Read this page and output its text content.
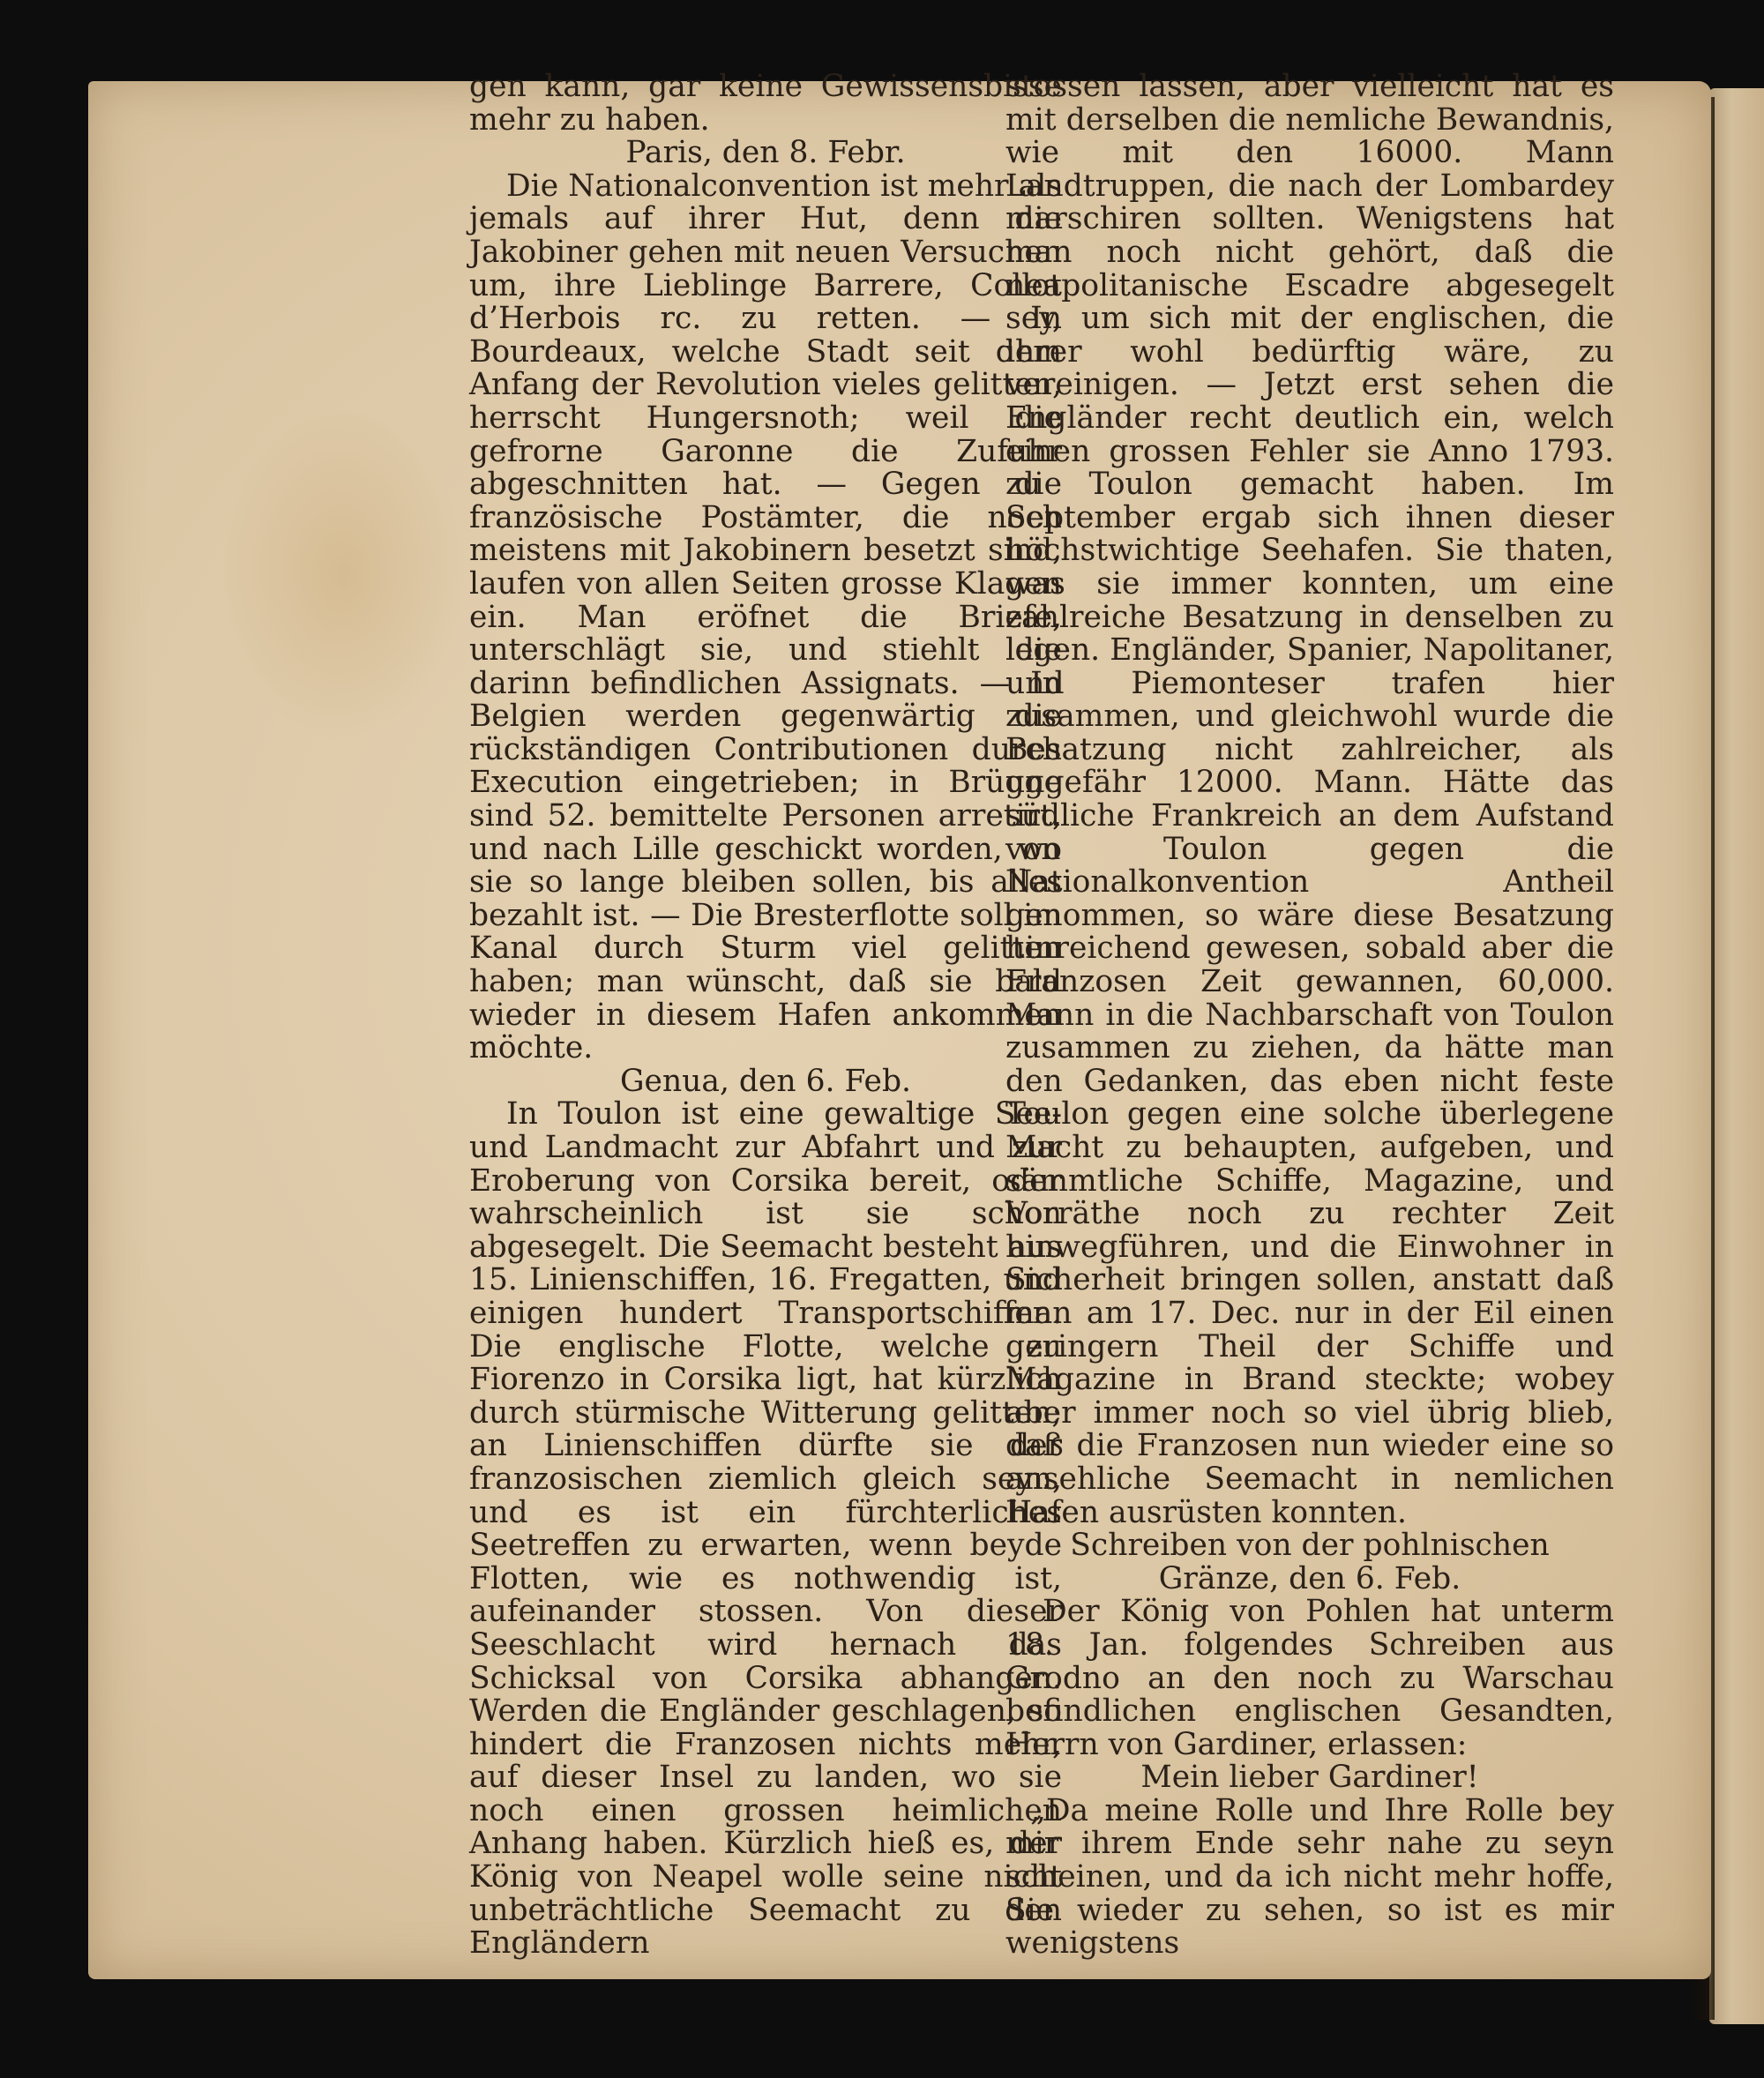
gen kann, gar keine Gewissensbisse mehr zu haben.

Paris, den 8. Febr.

Die Nationalconvention ist mehr als jemals auf ihrer Hut, denn die Jakobiner gehen mit neuen Versuchen um, ihre Lieblinge Barrere, Collot d’Herbois rc. zu retten. — In Bourdeaux, welche Stadt seit dem Anfang der Revolution vieles gelitten, herrscht Hungersnoth; weil die gefrorne Garonne die Zufuhr abgeschnitten hat. — Gegen die französische Postämter, die noch meistens mit Jakobinern besetzt sind, laufen von allen Seiten grosse Klagen ein. Man eröfnet die Briefe, unterschlägt sie, und stiehlt die darinn befindlichen Assignats. — In Belgien werden gegenwärtig die rückständigen Contributionen durch Execution eingetrieben; in Brügge sind 52. bemittelte Personen arretirt, und nach Lille geschickt worden, wo sie so lange bleiben sollen, bis alles bezahlt ist. — Die Bresterflotte soll im Kanal durch Sturm viel gelitten haben; man wünscht, daß sie bald wieder in diesem Hafen ankommen möchte.

Genua, den 6. Feb.

In Toulon ist eine gewaltige See- und Landmacht zur Abfahrt und zur Eroberung von Corsika bereit, oder wahrscheinlich ist sie schon abgesegelt. Die Seemacht besteht aus 15. Linienschiffen, 16. Fregatten, und einigen hundert Transportschiffen. Die englische Flotte, welche zu Fiorenzo in Corsika ligt, hat kürzlich durch stürmische Witterung gelitten; an Linienschiffen dürfte sie der franzosischen ziemlich gleich seyn, und es ist ein fürchterliches Seetreffen zu erwarten, wenn beyde Flotten, wie es nothwendig ist, aufeinander stossen. Von dieser Seeschlacht wird hernach das Schicksal von Corsika abhangen. Werden die Engländer geschlagen, so hindert die Franzosen nichts mehr, auf dieser Insel zu landen, wo sie noch einen grossen heimlichen Anhang haben. Kürzlich hieß es, der König von Neapel wolle seine nicht unbeträchtliche Seemacht zu den Engländern

stossen lassen, aber vielleicht hat es mit derselben die nemliche Bewandnis, wie mit den 16000. Mann Landtruppen, die nach der Lombardey marschiren sollten. Wenigstens hat man noch nicht gehört, daß die neapolitanische Escadre abgesegelt sey, um sich mit der englischen, die ihrer wohl bedürftig wäre, zu vereinigen. — Jetzt erst sehen die Engländer recht deutlich ein, welch einen grossen Fehler sie Anno 1793. zu Toulon gemacht haben. Im September ergab sich ihnen dieser höchstwichtige Seehafen. Sie thaten, was sie immer konnten, um eine zahlreiche Besatzung in denselben zu legen. Engländer, Spanier, Napolitaner, und Piemonteser trafen hier zusammen, und gleichwohl wurde die Besatzung nicht zahlreicher, als ungefähr 12000. Mann. Hätte das südliche Frankreich an dem Aufstand von Toulon gegen die Nationalkonvention Antheil genommen, so wäre diese Besatzung hinreichend gewesen, sobald aber die Franzosen Zeit gewannen, 60,000. Mann in die Nachbarschaft von Toulon zusammen zu ziehen, da hätte man den Gedanken, das eben nicht feste Toulon gegen eine solche überlegene Macht zu behaupten, aufgeben, und sämmtliche Schiffe, Magazine, und Vorräthe noch zu rechter Zeit hinwegführen, und die Einwohner in Sicherheit bringen sollen, anstatt daß man am 17. Dec. nur in der Eil einen geringern Theil der Schiffe und Magazine in Brand steckte; wobey aber immer noch so viel übrig blieb, daß die Franzosen nun wieder eine so ansehliche Seemacht in nemlichen Hafen ausrüsten konnten.

Schreiben von der pohlnischen Gränze, den 6. Feb.

Der König von Pohlen hat unterm 18. Jan. folgendes Schreiben aus Grodno an den noch zu Warschau befindlichen englischen Gesandten, Herrn von Gardiner, erlassen:

Mein lieber Gardiner!

„Da meine Rolle und Ihre Rolle bey mir ihrem Ende sehr nahe zu seyn scheinen, und da ich nicht mehr hoffe, Sie wieder zu sehen, so ist es mir wenigstens
